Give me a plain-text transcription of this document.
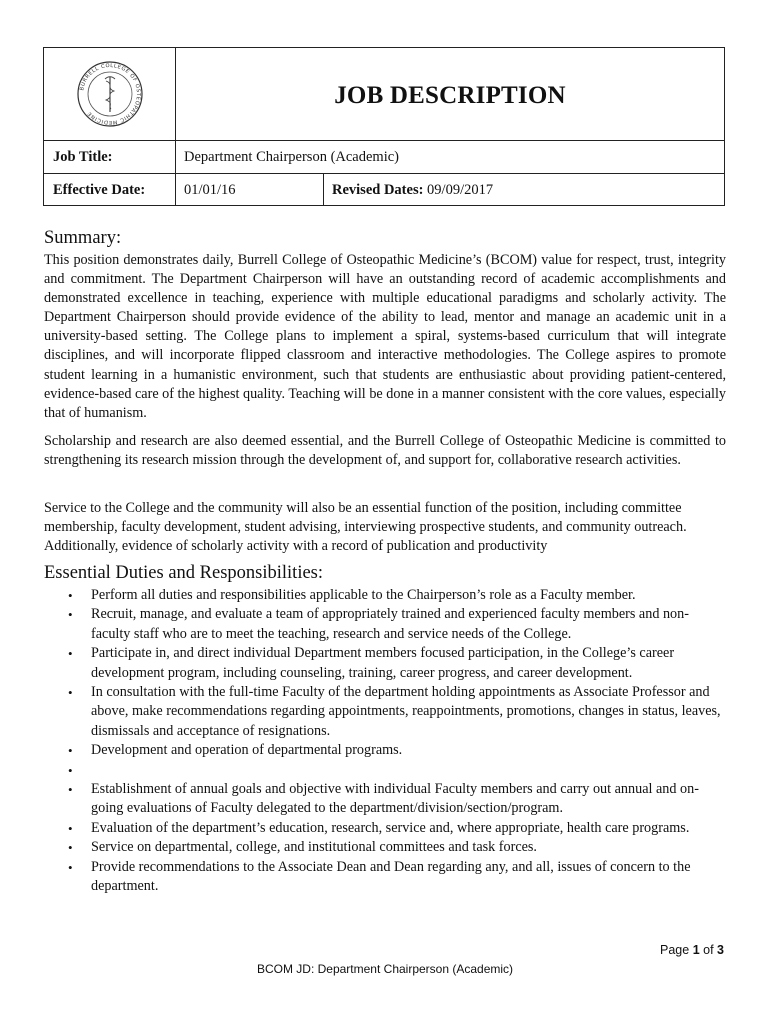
BURRELL COLLEGE OF OSTEOPATHIC MEDICINE
JOB DESCRIPTION
Job Title:	Department Chairperson (Academic)
Effective Date:	01/01/16	Revised Dates: 09/09/2017
Summary:

This position demonstrates daily, Burrell College of Osteopathic Medicine’s (BCOM) value for respect, trust, integrity and commitment. The Department Chairperson will have an outstanding record of academic accomplishments and demonstrated excellence in teaching, experience with multiple educational paradigms and scholarly activity. The Department Chairperson should provide evidence of the ability to lead, mentor and manage an academic unit in a university-based setting. The College plans to implement a spiral, systems-based curriculum that will integrate disciplines, and will incorporate flipped classroom and interactive methodologies. The College aspires to promote student learning in a humanistic environment, such that students are enthusiastic about providing patient-centered, evidence-based care of the highest quality. Teaching will be done in a manner consistent with the core values, especially that of humanism.

Scholarship and research are also deemed essential, and the Burrell College of Osteopathic Medicine is committed to strengthening its research mission through the development of, and support for, collaborative research activities.

Service to the College and the community will also be an essential function of the position, including committee membership, faculty development, student advising, interviewing prospective students, and community outreach. Additionally, evidence of scholarly activity with a record of publication and productivity

Essential Duties and Responsibilities:
• Perform all duties and responsibilities applicable to the Chairperson’s role as a Faculty member.
• Recruit, manage, and evaluate a team of appropriately trained and experienced faculty members and non-faculty staff who are to meet the teaching, research and service needs of the College.
• Participate in, and direct individual Department members focused participation, in the College’s career development program, including counseling, training, career progress, and career development.
• In consultation with the full-time Faculty of the department holding appointments as Associate Professor and above, make recommendations regarding appointments, reappointments, promotions, changes in status, leaves, dismissals and acceptance of resignations.
• Development and operation of departmental programs.
•
• Establishment of annual goals and objective with individual Faculty members and carry out annual and on-going evaluations of Faculty delegated to the department/division/section/program.
• Evaluation of the department’s education, research, service and, where appropriate, health care programs.
• Service on departmental, college, and institutional committees and task forces.
• Provide recommendations to the Associate Dean and Dean regarding any, and all, issues of concern to the department.
Page 1 of 3
BCOM JD: Department Chairperson (Academic)
